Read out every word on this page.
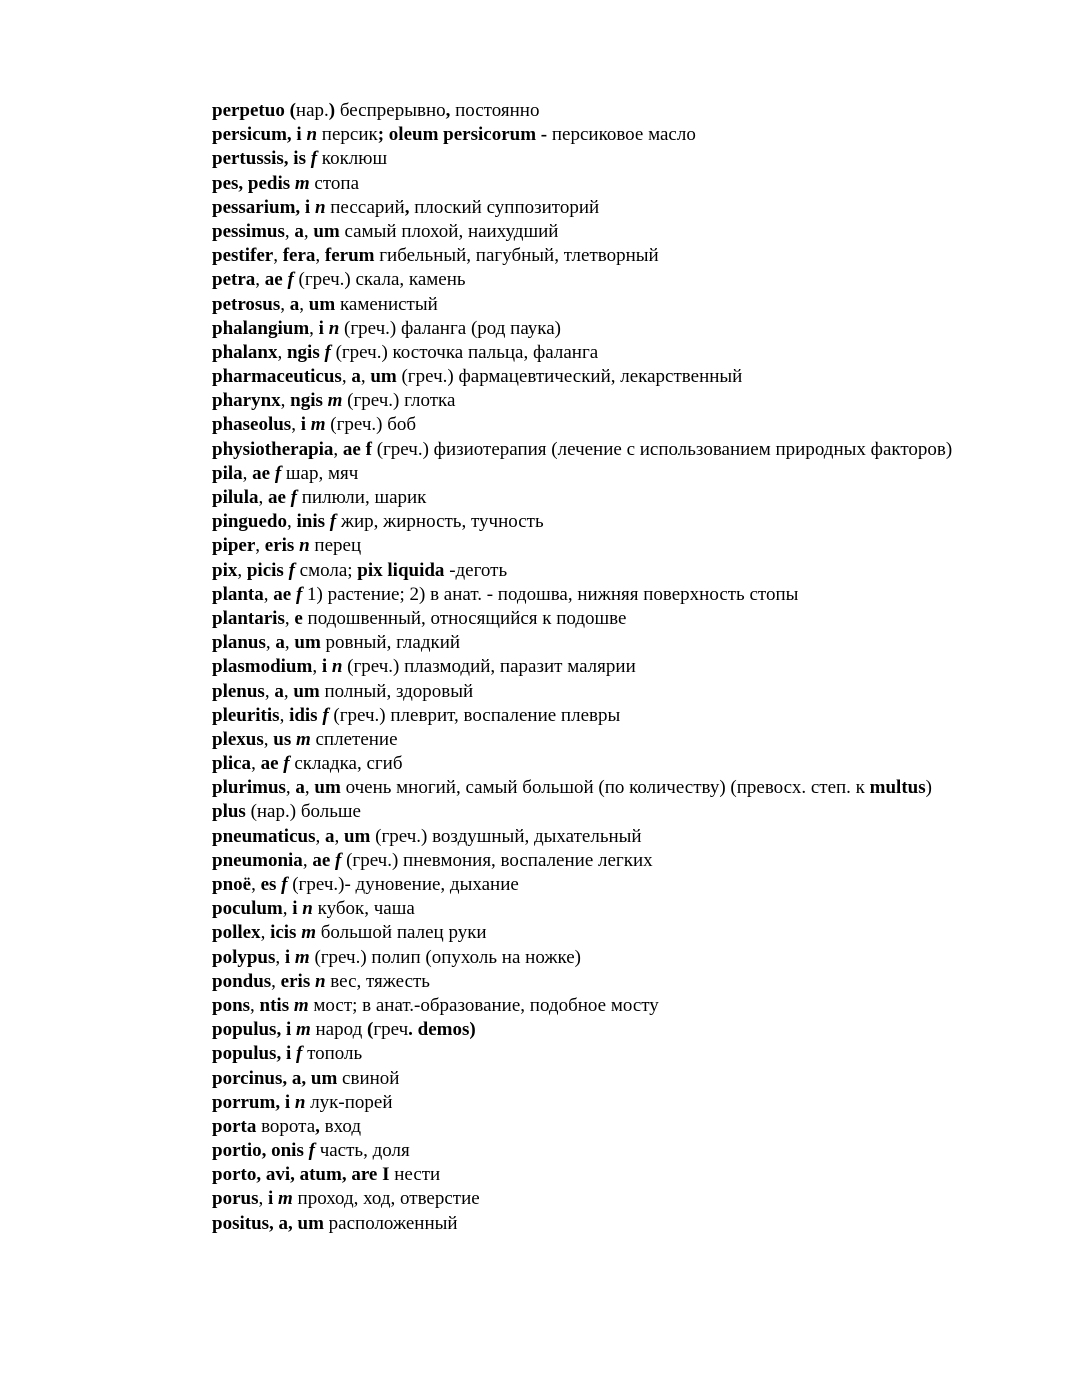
perpetuo (нар.) беспрерывно, постоянно

persicum, i n персик; oleum persicorum - персиковое масло

pertussis, is f коклюш

pes, pedis m стопа

pessarium, i n пессарий, плоский суппозиторий

pessimus, a, um самый плохой, наихудший

pestifer, fera, ferum гибельный, пагубный, тлетворный

petra, ae f (греч.) скала, камень

petrosus, a, um каменистый

phalangium, i n (греч.) фаланга (род паука)

phalanx, ngis f (греч.) косточка пальца, фаланга

pharmaceuticus, a, um (греч.) фармацевтический, лекарственный

pharynx, ngis m (греч.) глотка

phaseolus, i m (греч.) боб

physiotherapia, ae f (греч.) физиотерапия (лечение с использованием природных факторов)

pila, ae f шар, мяч

pilula, ae f пилюли, шарик

pinguedo, inis f жир, жирность, тучность

piper, eris n перец

pix, picis f смола; pix liquida -деготь

planta, ae f 1) растение; 2) в анат. - подошва, нижняя поверхность стопы

plantaris, e подошвенный, относящийся к подошве

planus, a, um ровный, гладкий

plasmodium, i n (греч.) плазмодий, паразит малярии

plenus, a, um полный, здоровый

pleuritis, idis f (греч.) плеврит, воспаление плевры

plexus, us m сплетение

plica, ae f складка, сгиб

plurimus, a, um очень многий, самый большой (по количеству) (превосх. степ. к multus)

plus (нар.) больше

pneumaticus, a, um (греч.) воздушный, дыхательный

pneumonia, ae f (греч.) пневмония, воспаление легких

pnoё, es f (греч.)- дуновение, дыхание

poculum, i n кубок, чаша

pollex, icis m большой палец руки

polypus, i m (греч.) полип (опухоль на ножке)

pondus, eris n вес, тяжесть

pons, ntis m мост; в анат.-образование, подобное мосту

populus, i m народ (греч. demos)

populus, i f тополь

porcinus, a, um свиной

porrum, i n лук-порей

porta ворота, вход

portio, onis f часть, доля

porto, avi, atum, are I нести

porus, i m проход, ход, отверстие

positus, a, um расположенный
